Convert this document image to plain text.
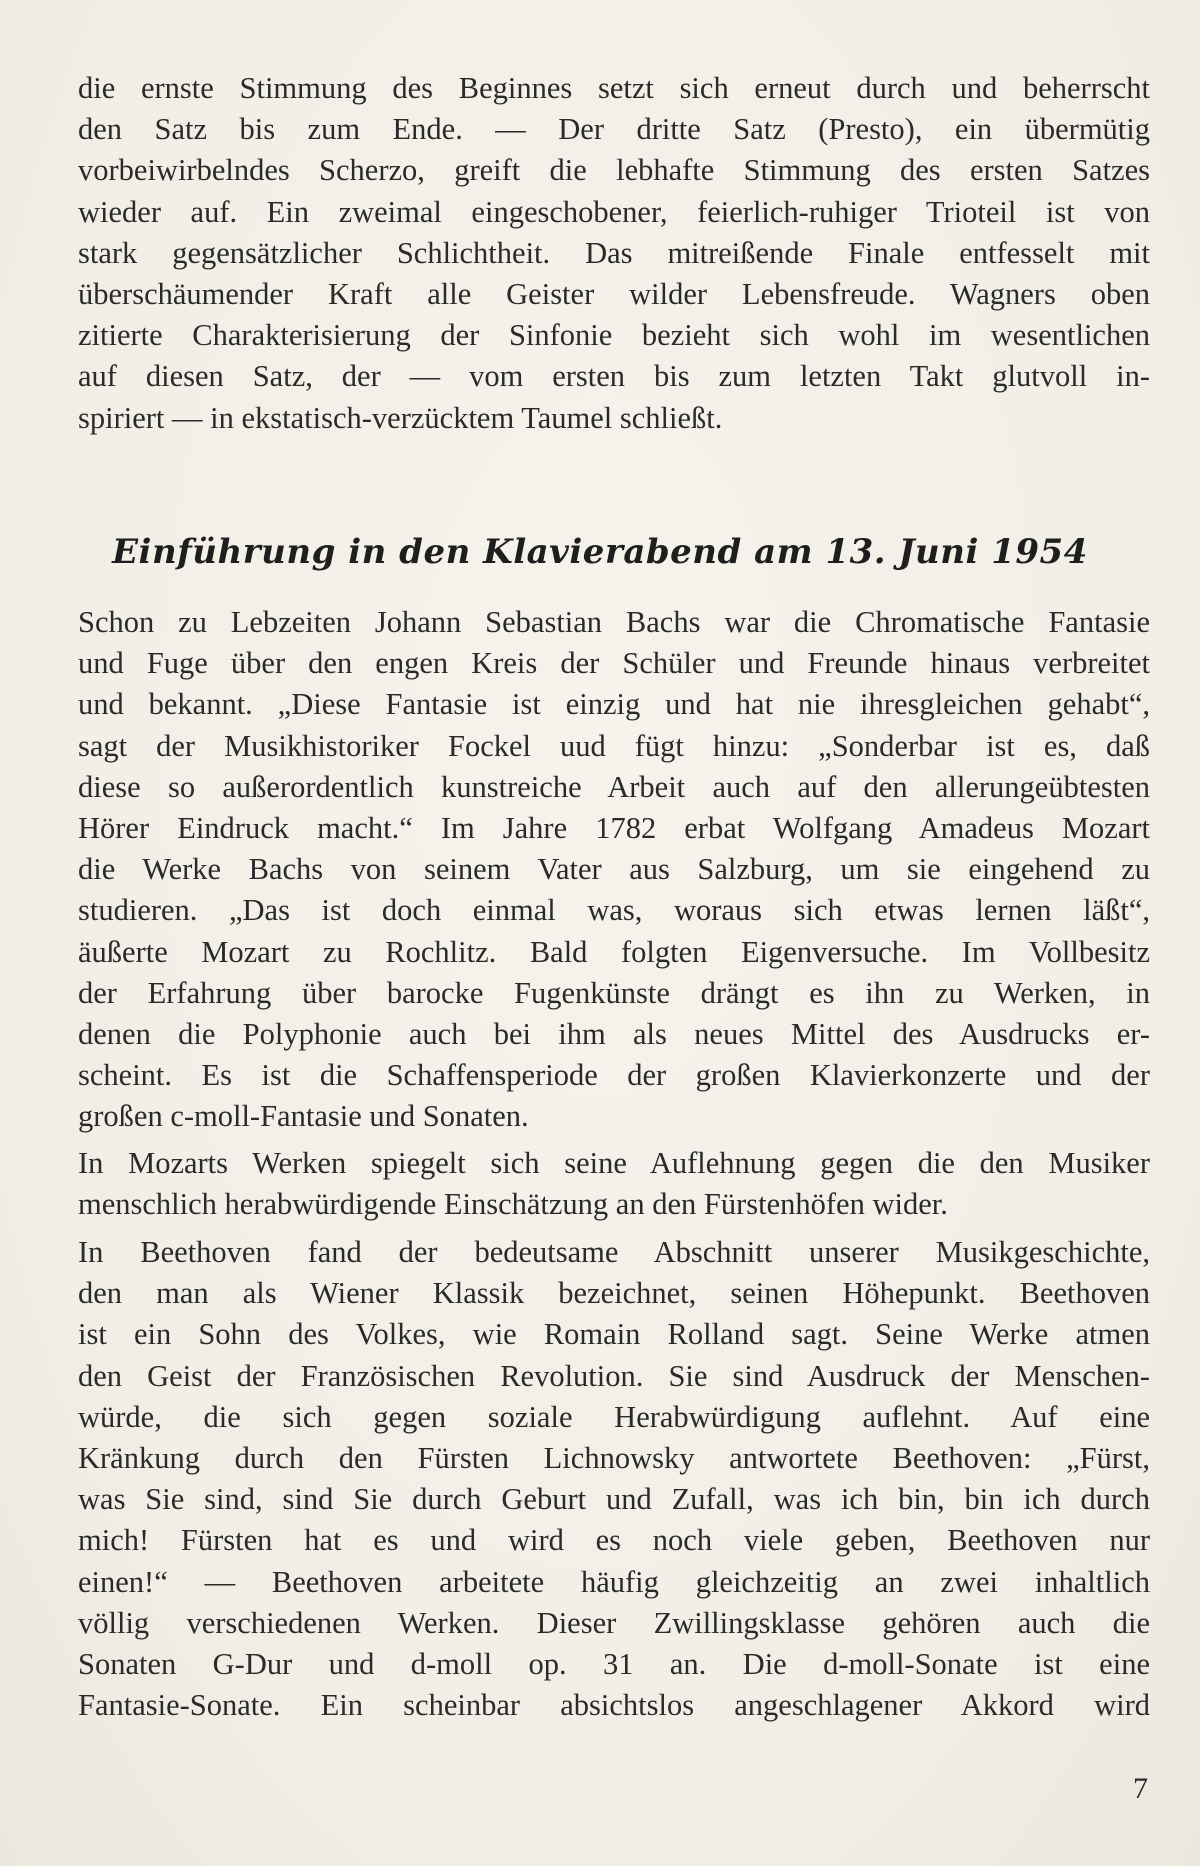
die ernste Stimmung des Beginnes setzt sich erneut durch und beherrscht
den Satz bis zum Ende. — Der dritte Satz (Presto), ein übermütig
vorbeiwirbelndes Scherzo, greift die lebhafte Stimmung des ersten Satzes
wieder auf. Ein zweimal eingeschobener, feierlich-ruhiger Trioteil ist von
stark gegensätzlicher Schlichtheit. Das mitreißende Finale entfesselt mit
überschäumender Kraft alle Geister wilder Lebensfreude. Wagners oben
zitierte Charakterisierung der Sinfonie bezieht sich wohl im wesentlichen
auf diesen Satz, der — vom ersten bis zum letzten Takt glutvoll in-
spiriert — in ekstatisch-verzücktem Taumel schließt.
Einführung in den Klavierabend am 13. Juni 1954
Schon zu Lebzeiten Johann Sebastian Bachs war die Chromatische Fantasie
und Fuge über den engen Kreis der Schüler und Freunde hinaus verbreitet
und bekannt. „Diese Fantasie ist einzig und hat nie ihresgleichen gehabt“,
sagt der Musikhistoriker Fockel uud fügt hinzu: „Sonderbar ist es, daß
diese so außerordentlich kunstreiche Arbeit auch auf den allerungeübtesten
Hörer Eindruck macht.“ Im Jahre 1782 erbat Wolfgang Amadeus Mozart
die Werke Bachs von seinem Vater aus Salzburg, um sie eingehend zu
studieren. „Das ist doch einmal was, woraus sich etwas lernen läßt“,
äußerte Mozart zu Rochlitz. Bald folgten Eigenversuche. Im Vollbesitz
der Erfahrung über barocke Fugenkünste drängt es ihn zu Werken, in
denen die Polyphonie auch bei ihm als neues Mittel des Ausdrucks er-
scheint. Es ist die Schaffensperiode der großen Klavierkonzerte und der
großen c-moll-Fantasie und Sonaten.
In Mozarts Werken spiegelt sich seine Auflehnung gegen die den Musiker
menschlich herabwürdigende Einschätzung an den Fürstenhöfen wider.
In Beethoven fand der bedeutsame Abschnitt unserer Musikgeschichte,
den man als Wiener Klassik bezeichnet, seinen Höhepunkt. Beethoven
ist ein Sohn des Volkes, wie Romain Rolland sagt. Seine Werke atmen
den Geist der Französischen Revolution. Sie sind Ausdruck der Menschen-
würde, die sich gegen soziale Herabwürdigung auflehnt. Auf eine
Kränkung durch den Fürsten Lichnowsky antwortete Beethoven: „Fürst,
was Sie sind, sind Sie durch Geburt und Zufall, was ich bin, bin ich durch
mich! Fürsten hat es und wird es noch viele geben, Beethoven nur
einen!“ — Beethoven arbeitete häufig gleichzeitig an zwei inhaltlich
völlig verschiedenen Werken. Dieser Zwillingsklasse gehören auch die
Sonaten G-Dur und d-moll op. 31 an. Die d-moll-Sonate ist eine
Fantasie-Sonate. Ein scheinbar absichtslos angeschlagener Akkord wird
7
